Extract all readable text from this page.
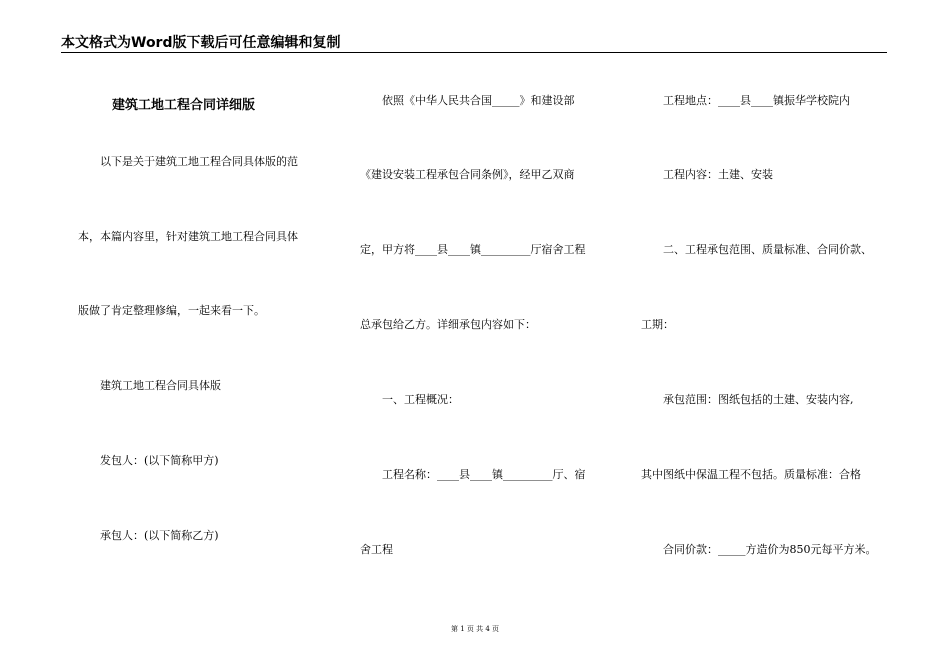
本文格式为Word版下载后可任意编辑和复制
建筑工地工程合同详细版
以下是关于建筑工地工程合同具体版的范
本，本篇内容里，针对建筑工地工程合同具体
版做了肯定整理修编，一起来看一下。
建筑工地工程合同具体版
发包人：(以下简称甲方)
承包人：(以下简称乙方)
依照《中华人民共合国_____》和建设部
《建设安装工程承包合同条例》，经甲乙双商
定，甲方将____县____镇_________厅宿舍工程
总承包给乙方。详细承包内容如下：
一、工程概况：
工程名称：____县____镇_________厅、宿
舍工程
工程地点：____县____镇振华学校院内
工程内容：土建、安装
二、工程承包范围、质量标准、合同价款、
工期：
承包范围：图纸包括的土建、安装内容,
其中图纸中保温工程不包括。质量标准：合格
合同价款：_____方造价为850元每平方米。
第 1 页 共 4 页
